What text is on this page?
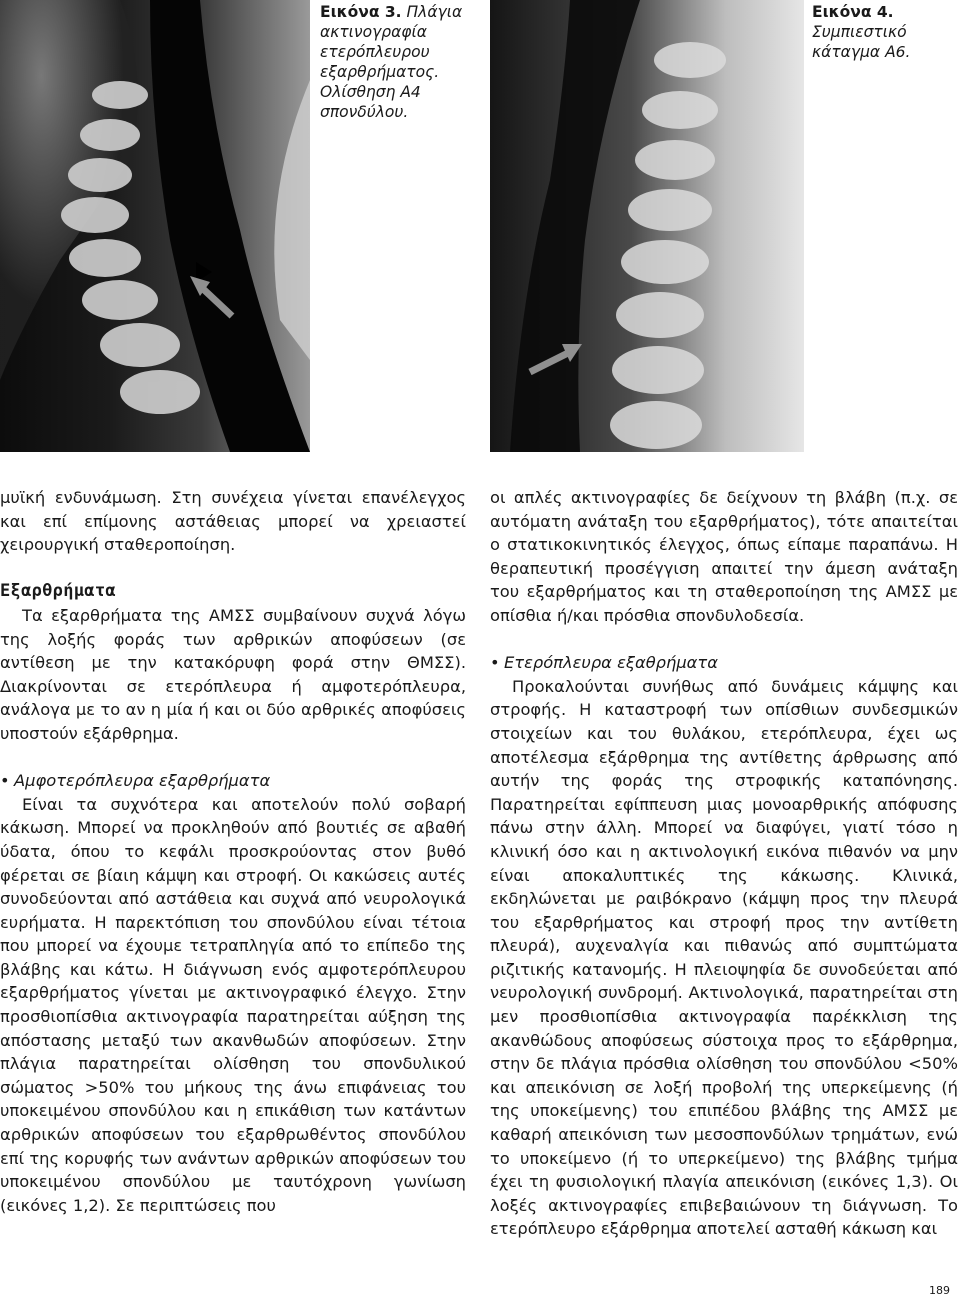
Εικόνα 3. Πλάγια ακτινογραφία ετερόπλευρου εξαρθρήματος. Ολίσθηση Α4 σπονδύλου.
Εικόνα 4. Συμπιεστικό κάταγμα Α6.

μυϊκή ενδυνάμωση. Στη συνέχεια γίνεται επανέλεγχος και επί επίμονης αστάθειας μπορεί να χρειαστεί χειρουργική σταθεροποίηση.

Εξαρθρήματα

Τα εξαρθρήματα της ΑΜΣΣ συμβαίνουν συχνά λόγω της λοξής φοράς των αρθρικών αποφύσεων (σε αντίθεση με την κατακόρυφη φορά στην ΘΜΣΣ). Διακρίνονται σε ετερόπλευρα ή αμφοτερόπλευρα, ανάλογα με το αν η μία ή και οι δύο αρθρικές αποφύσεις υποστούν εξάρθρημα.

• Αμφοτερόπλευρα εξαρθρήματα

Είναι τα συχνότερα και αποτελούν πολύ σοβαρή κάκωση. Μπορεί να προκληθούν από βουτιές σε αβαθή ύδατα, όπου το κεφάλι προσκρούοντας στον βυθό φέρεται σε βίαιη κάμψη και στροφή. Οι κακώσεις αυτές συνοδεύονται από αστάθεια και συχνά από νευρολογικά ευρήματα. Η παρεκτόπιση του σπονδύλου είναι τέτοια που μπορεί να έχουμε τετραπληγία από το επίπεδο της βλάβης και κάτω. Η διάγνωση ενός αμφοτερόπλευρου εξαρθρήματος γίνεται με ακτινογραφικό έλεγχο. Στην προσθιοπίσθια ακτινογραφία παρατηρείται αύξηση της απόστασης μεταξύ των ακανθωδών αποφύσεων. Στην πλάγια παρατηρείται ολίσθηση του σπονδυλικού σώματος >50% του μήκους της άνω επιφάνειας του υποκειμένου σπονδύλου και η επικάθιση των κατάντων αρθρικών αποφύσεων του εξαρθρωθέντος σπονδύλου επί της κορυφής των ανάντων αρθρικών αποφύσεων του υποκειμένου σπονδύλου με ταυτόχρονη γωνίωση (εικόνες 1,2). Σε περιπτώσεις που

οι απλές ακτινογραφίες δε δείχνουν τη βλάβη (π.χ. σε αυτόματη ανάταξη του εξαρθρήματος), τότε απαιτείται ο στατικοκινητικός έλεγχος, όπως είπαμε παραπάνω. Η θεραπευτική προσέγγιση απαιτεί την άμεση ανάταξη του εξαρθρήματος και τη σταθεροποίηση της ΑΜΣΣ με οπίσθια ή/και πρόσθια σπονδυλοδεσία.

• Ετερόπλευρα εξαθρήματα

Προκαλούνται συνήθως από δυνάμεις κάμψης και στροφής. Η καταστροφή των οπίσθιων συνδεσμικών στοιχείων και του θυλάκου, ετερόπλευρα, έχει ως αποτέλεσμα εξάρθρημα της αντίθετης άρθρωσης από αυτήν της φοράς της στροφικής καταπόνησης. Παρατηρείται εφίππευση μιας μονοαρθρικής απόφυσης πάνω στην άλλη. Μπορεί να διαφύγει, γιατί τόσο η κλινική όσο και η ακτινολογική εικόνα πιθανόν να μην είναι αποκαλυπτικές της κάκωσης. Κλινικά, εκδηλώνεται με ραιβόκρανο (κάμψη προς την πλευρά του εξαρθρήματος και στροφή προς την αντίθετη πλευρά), αυχεναλγία και πιθανώς από συμπτώματα ριζιτικής κατανομής. Η πλειοψηφία δε συνοδεύεται από νευρολογική συνδρομή. Ακτινολογικά, παρατηρείται στη μεν προσθιοπίσθια ακτινογραφία παρέκκλιση της ακανθώδους αποφύσεως σύστοιχα προς το εξάρθρημα, στην δε πλάγια πρόσθια ολίσθηση του σπονδύλου <50% και απεικόνιση σε λοξή προβολή της υπερκείμενης (ή της υποκείμενης) του επιπέδου βλάβης της ΑΜΣΣ με καθαρή απεικόνιση των μεσοσπονδύλων τρημάτων, ενώ το υποκείμενο (ή το υπερκείμενο) της βλάβης τμήμα έχει τη φυσιολογική πλαγία απεικόνιση (εικόνες 1,3). Οι λοξές ακτινογραφίες επιβεβαιώνουν τη διάγνωση. Το ετερόπλευρο εξάρθρημα αποτελεί ασταθή κάκωση και

189
